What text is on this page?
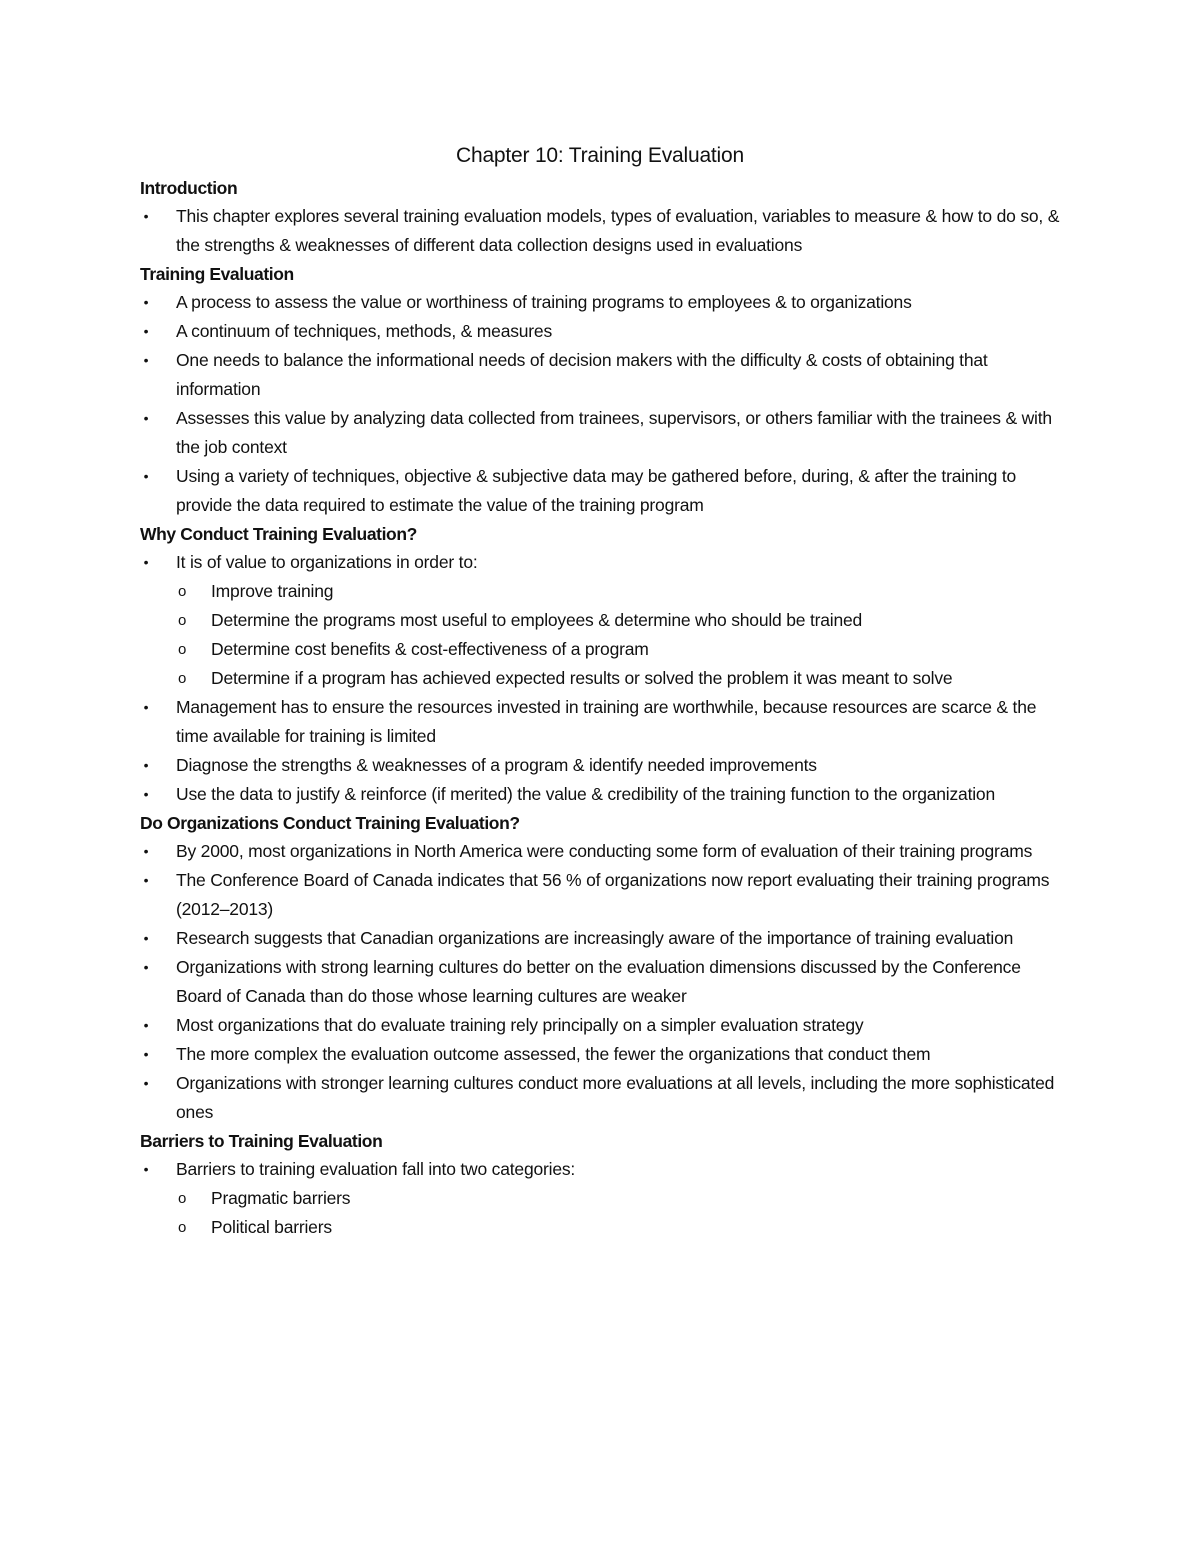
Chapter 10: Training Evaluation
Introduction
• This chapter explores several training evaluation models, types of evaluation, variables to measure & how to do so, & the strengths & weaknesses of different data collection designs used in evaluations
Training Evaluation
• A process to assess the value or worthiness of training programs to employees & to organizations
• A continuum of techniques, methods, & measures
• One needs to balance the informational needs of decision makers with the difficulty & costs of obtaining that information
• Assesses this value by analyzing data collected from trainees, supervisors, or others familiar with the trainees & with the job context
• Using a variety of techniques, objective & subjective data may be gathered before, during, & after the training to provide the data required to estimate the value of the training program
Why Conduct Training Evaluation?
• It is of value to organizations in order to:
o Improve training
o Determine the programs most useful to employees & determine who should be trained
o Determine cost benefits & cost-effectiveness of a program
o Determine if a program has achieved expected results or solved the problem it was meant to solve
• Management has to ensure the resources invested in training are worthwhile, because resources are scarce & the time available for training is limited
• Diagnose the strengths & weaknesses of a program & identify needed improvements
• Use the data to justify & reinforce (if merited) the value & credibility of the training function to the organization
Do Organizations Conduct Training Evaluation?
• By 2000, most organizations in North America were conducting some form of evaluation of their training programs
• The Conference Board of Canada indicates that 56 % of organizations now report evaluating their training programs (2012–2013)
• Research suggests that Canadian organizations are increasingly aware of the importance of training evaluation
• Organizations with strong learning cultures do better on the evaluation dimensions discussed by the Conference Board of Canada than do those whose learning cultures are weaker
• Most organizations that do evaluate training rely principally on a simpler evaluation strategy
• The more complex the evaluation outcome assessed, the fewer the organizations that conduct them
• Organizations with stronger learning cultures conduct more evaluations at all levels, including the more sophisticated ones
Barriers to Training Evaluation
• Barriers to training evaluation fall into two categories:
o Pragmatic barriers
o Political barriers
